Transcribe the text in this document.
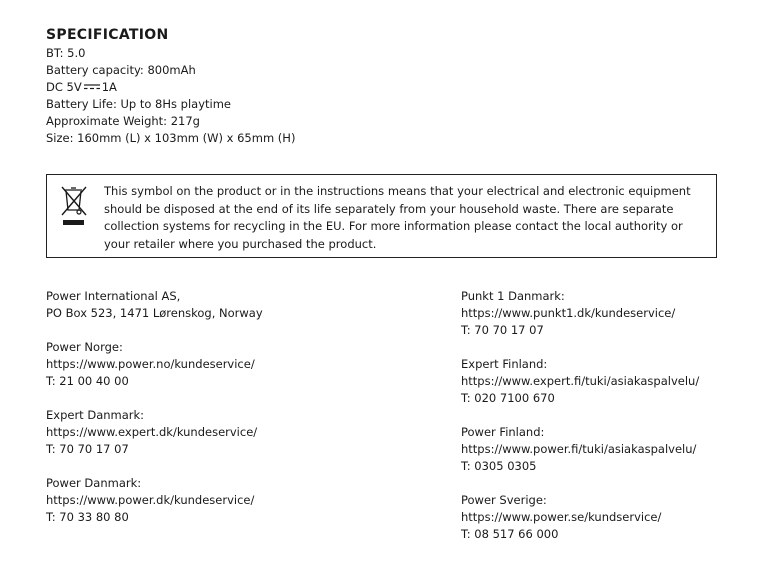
SPECIFICATION
BT: 5.0
Battery capacity: 800mAh
DC 5V 1A
Battery Life: Up to 8Hs playtime
Approximate Weight: 217g
Size: 160mm (L) x 103mm (W) x 65mm (H)
This symbol on the product or in the instructions means that your electrical and electronic equipment should be disposed at the end of its life separately from your household waste. There are separate collection systems for recycling in the EU. For more information please contact the local authority or your retailer where you purchased the product.
Power International AS,
PO Box 523, 1471 Lørenskog, Norway
Power Norge:
https://www.power.no/kundeservice/
T: 21 00 40 00
Expert Danmark:
https://www.expert.dk/kundeservice/
T: 70 70 17 07
Power Danmark:
https://www.power.dk/kundeservice/
T: 70 33 80 80
Punkt 1 Danmark:
https://www.punkt1.dk/kundeservice/
T: 70 70 17 07
Expert Finland:
https://www.expert.fi/tuki/asiakaspalvelu/
T: 020 7100 670
Power Finland:
https://www.power.fi/tuki/asiakaspalvelu/
T: 0305 0305
Power Sverige:
https://www.power.se/kundservice/
T: 08 517 66 000
